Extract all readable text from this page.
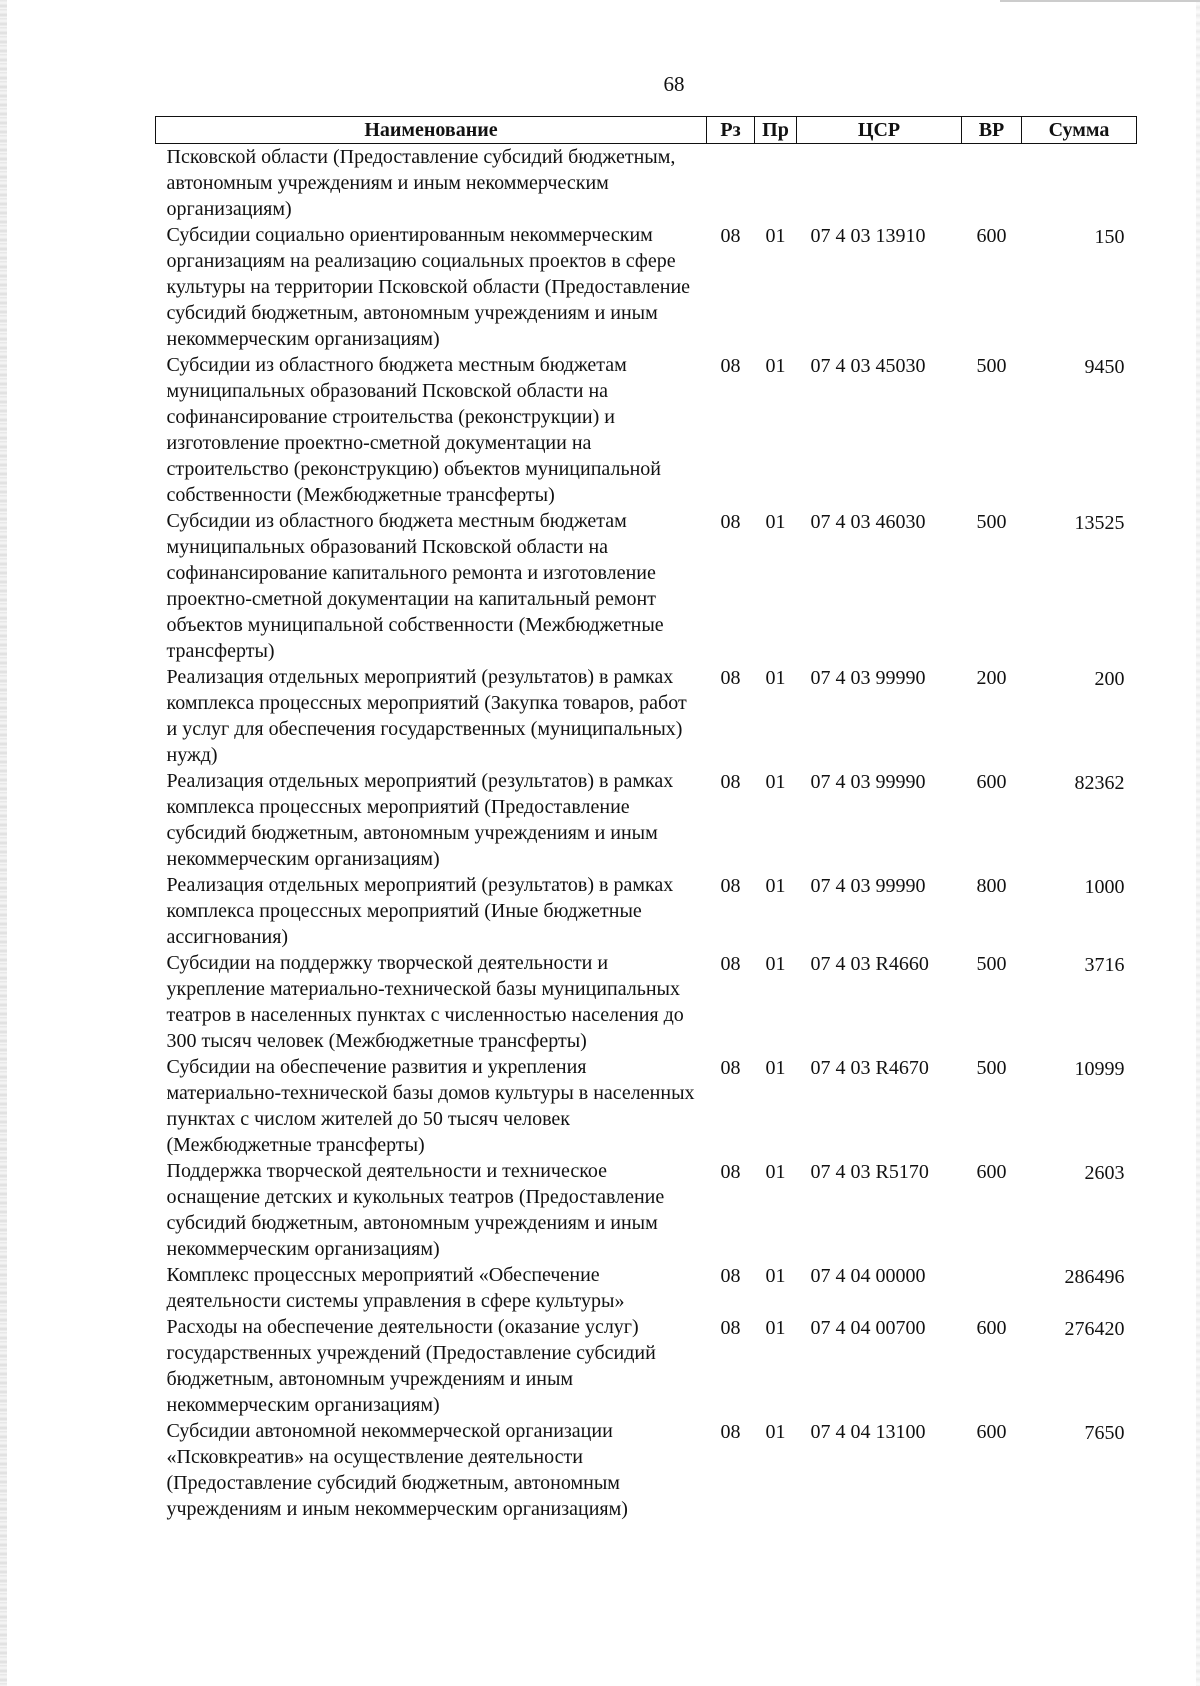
68
Наименование	Рз	Пр	ЦСР	ВР	Сумма
Псковской области (Предоставление субсидий бюджетным, автономным учреждениям и иным некоммерческим организациям)					
Субсидии социально ориентированным некоммерческим организациям на реализацию социальных проектов в сфере культуры на территории Псковской области (Предоставление субсидий бюджетным, автономным учреждениям и иным некоммерческим организациям)	08	01	07 4 03 13910	600	150
Субсидии из областного бюджета местным бюджетам муниципальных образований Псковской области на софинансирование строительства (реконструкции) и изготовление проектно-сметной документации на строительство (реконструкцию) объектов муниципальной собственности (Межбюджетные трансферты)	08	01	07 4 03 45030	500	9450
Субсидии из областного бюджета местным бюджетам муниципальных образований Псковской области на софинансирование капитального ремонта и изготовление проектно-сметной документации на капитальный ремонт объектов муниципальной собственности (Межбюджетные трансферты)	08	01	07 4 03 46030	500	13525
Реализация отдельных мероприятий (результатов) в рамках комплекса процессных мероприятий (Закупка товаров, работ и услуг для обеспечения государственных (муниципальных) нужд)	08	01	07 4 03 99990	200	200
Реализация отдельных мероприятий (результатов) в рамках комплекса процессных мероприятий (Предоставление субсидий бюджетным, автономным учреждениям и иным некоммерческим организациям)	08	01	07 4 03 99990	600	82362
Реализация отдельных мероприятий (результатов) в рамках комплекса процессных мероприятий (Иные бюджетные ассигнования)	08	01	07 4 03 99990	800	1000
Субсидии на поддержку творческой деятельности и укрепление материально-технической базы муниципальных театров в населенных пунктах с численностью населения до 300 тысяч человек (Межбюджетные трансферты)	08	01	07 4 03 R4660	500	3716
Субсидии на обеспечение развития и укрепления материально-технической базы домов культуры в населенных пунктах с числом жителей до 50 тысяч человек (Межбюджетные трансферты)	08	01	07 4 03 R4670	500	10999
Поддержка творческой деятельности и техническое оснащение детских и кукольных театров (Предоставление субсидий бюджетным, автономным учреждениям и иным некоммерческим организациям)	08	01	07 4 03 R5170	600	2603
Комплекс процессных мероприятий «Обеспечение деятельности системы управления в сфере культуры»	08	01	07 4 04 00000		286496
Расходы на обеспечение деятельности (оказание услуг) государственных учреждений (Предоставление субсидий бюджетным, автономным учреждениям и иным некоммерческим организациям)	08	01	07 4 04 00700	600	276420
Субсидии автономной некоммерческой организации «Псковкреатив» на осуществление деятельности (Предоставление субсидий бюджетным, автономным учреждениям и иным некоммерческим организациям)	08	01	07 4 04 13100	600	7650
